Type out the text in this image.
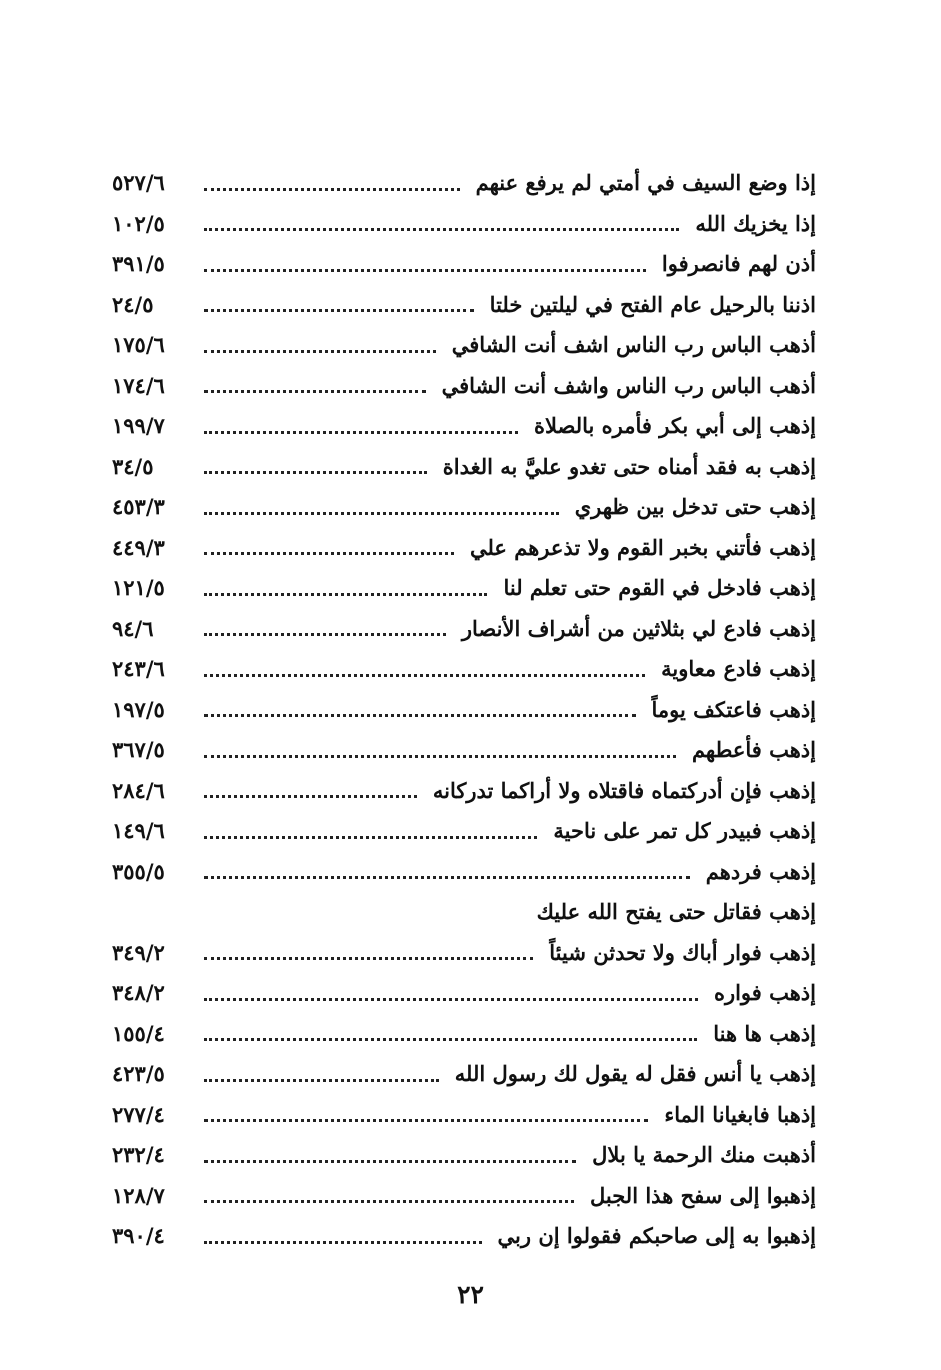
إذا وضع السيف في أمتي لم يرفع عنهم
٥٢٧/٦
إذا يخزيك الله
١٠٢/٥
أذن لهم فانصرفوا
٣٩١/٥
اذننا بالرحيل عام الفتح في ليلتين خلتا
٢٤/٥
أذهب الباس رب الناس اشف أنت الشافي
١٧٥/٦
أذهب الباس رب الناس واشف أنت الشافي
١٧٤/٦
إذهب إلى أبي بكر فأمره بالصلاة
١٩٩/٧
إذهب به فقد أمناه حتى تغدو عليَّ به الغداة
٣٤/٥
إذهب حتى تدخل بين ظهري
٤٥٣/٣
إذهب فأتني بخبر القوم ولا تذعرهم علي
٤٤٩/٣
إذهب فادخل في القوم حتى تعلم لنا
١٢١/٥
إذهب فادع لي بثلاثين من أشراف الأنصار
٩٤/٦
إذهب فادع معاوية
٢٤٣/٦
إذهب فاعتكف يوماً
١٩٧/٥
إذهب فأعطهم
٣٦٧/٥
إذهب فإن أدركتماه فاقتلاه ولا أراكما تدركانه
٢٨٤/٦
إذهب فبيدر كل تمر على ناحية
١٤٩/٦
إذهب فردهم
٣٥٥/٥
إذهب فقاتل حتى يفتح الله عليك
إذهب فوار أباك ولا تحدثن شيئاً
٣٤٩/٢
إذهب فواره
٣٤٨/٢
إذهب ها هنا
١٥٥/٤
إذهب يا أنس فقل له يقول لك رسول الله
٤٢٣/٥
إذهبا فابغيانا الماء
٢٧٧/٤
أذهبت منك الرحمة يا بلال
٢٣٢/٤
إذهبوا إلى سفح هذا الجبل
١٢٨/٧
إذهبوا به إلى صاحبكم فقولوا إن ربي
٣٩٠/٤
٢٢
